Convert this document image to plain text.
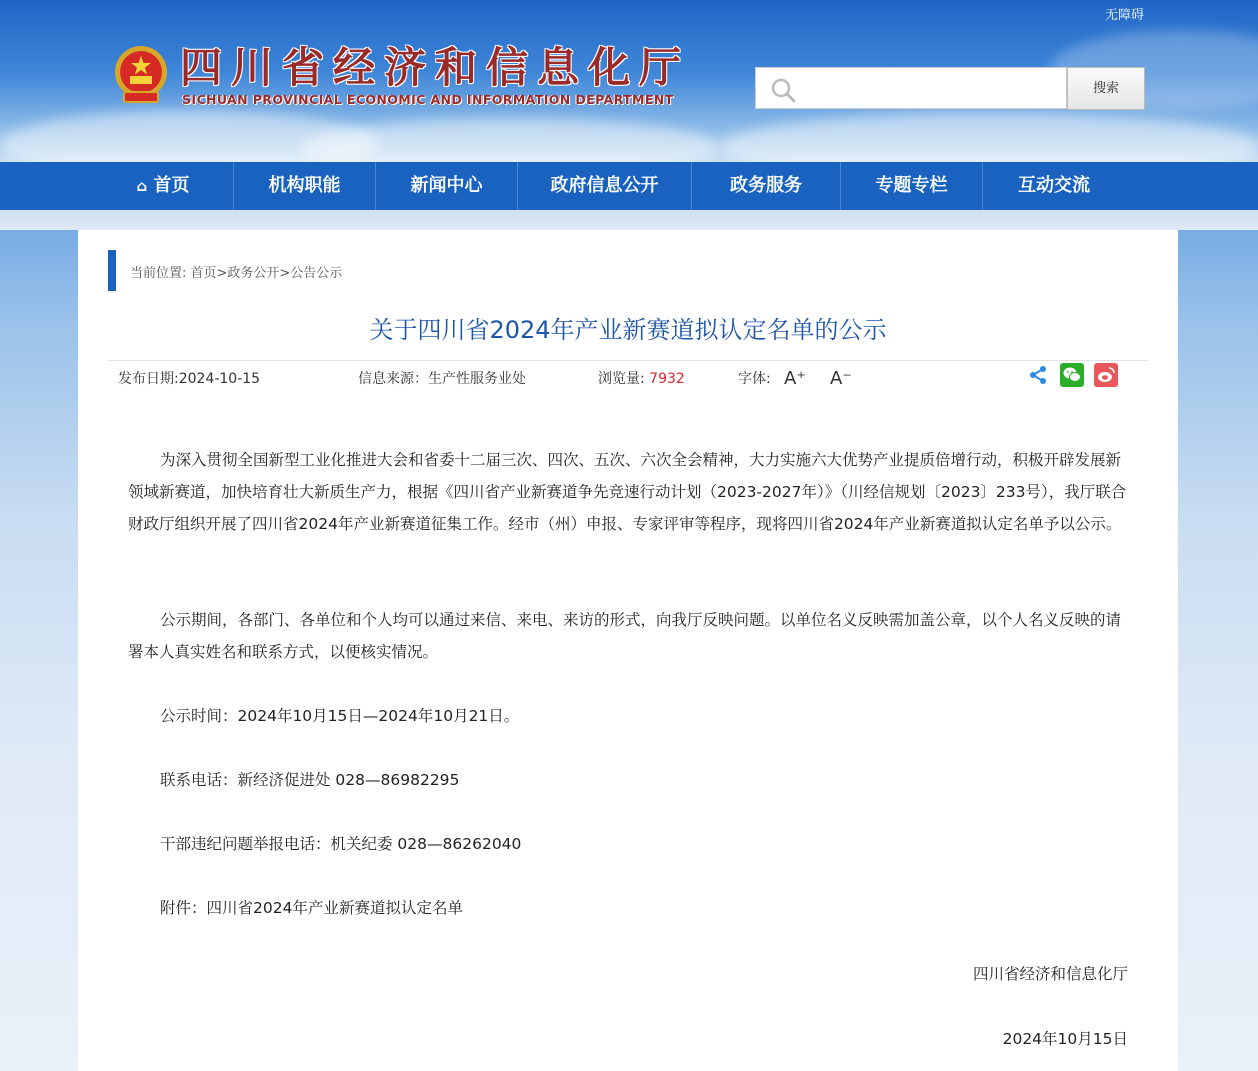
无障碍
四川省经济和信息化厅
SICHUAN PROVINCIAL ECONOMIC AND INFORMATION DEPARTMENT
搜索
⌂ 首页	机构职能	新闻中心	政府信息公开	政务服务	专题专栏	互动交流
当前位置: 首页>政务公开>公告公示
关于四川省2024年产业新赛道拟认定名单的公示
发布日期:2024-10-15	信息来源：生产性服务业处	浏览量: 7932	字体: A⁺ A⁻
为深入贯彻全国新型工业化推进大会和省委十二届三次、四次、五次、六次全会精神，大力实施六大优势产业提质倍增行动，积极开辟发展新领域新赛道，加快培育壮大新质生产力，根据《四川省产业新赛道争先竞速行动计划（2023-2027年）》（川经信规划〔2023〕233号），我厅联合财政厅组织开展了四川省2024年产业新赛道征集工作。经市（州）申报、专家评审等程序，现将四川省2024年产业新赛道拟认定名单予以公示。
公示期间，各部门、各单位和个人均可以通过来信、来电、来访的形式，向我厅反映问题。以单位名义反映需加盖公章，以个人名义反映的请署本人真实姓名和联系方式，以便核实情况。
公示时间：2024年10月15日—2024年10月21日。
联系电话：新经济促进处 028—86982295
干部违纪问题举报电话：机关纪委 028—86262040
附件：四川省2024年产业新赛道拟认定名单
四川省经济和信息化厅
2024年10月15日
